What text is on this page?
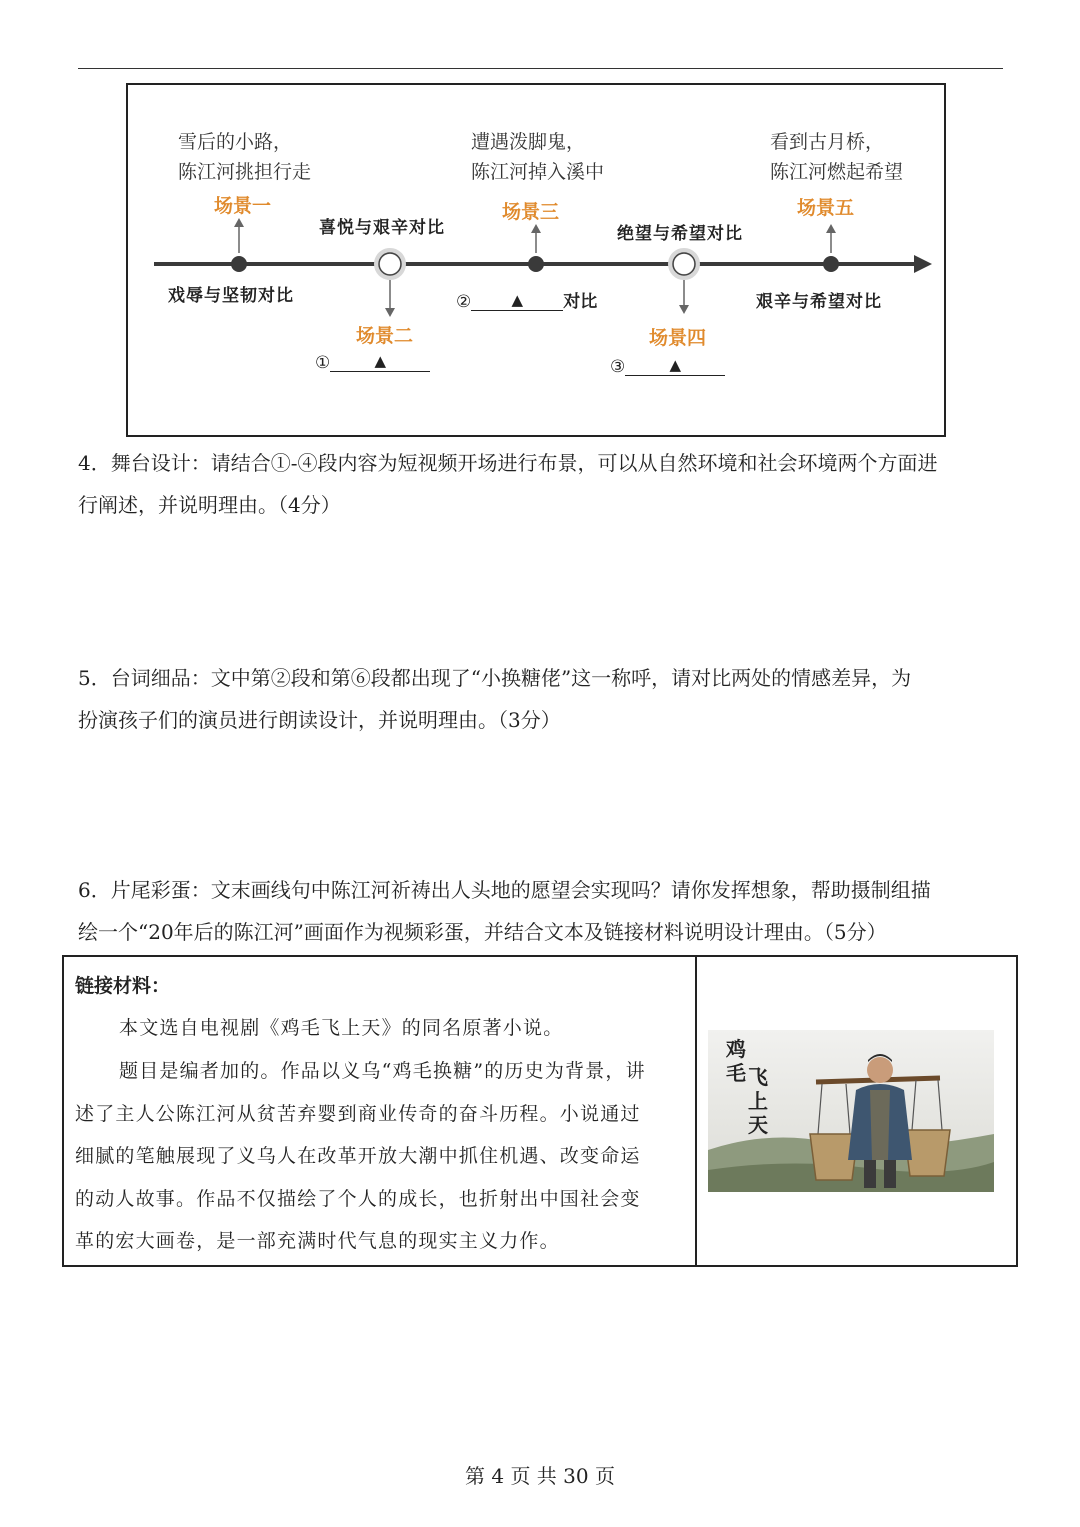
雪后的小路，
陈江河挑担行走
遭遇泼脚鬼，
陈江河掉入溪中
看到古月桥，
陈江河燃起希望
场景一
场景二
场景三
场景四
场景五
戏辱与坚韧对比
喜悦与艰辛对比	绝望与希望对比
艰辛与希望对比
①	▲
②	▲ 对比
③	▲
4．舞台设计：请结合①-④段内容为短视频开场进行布景，可以从自然环境和社会环境两个方面进
行阐述，并说明理由。（4分）
5．台词细品：文中第②段和第⑥段都出现了“小换糖佬”这一称呼，请对比两处的情感差异，为
扮演孩子们的演员进行朗读设计，并说明理由。（3分）
6．片尾彩蛋：文末画线句中陈江河祈祷出人头地的愿望会实现吗？请你发挥想象，帮助摄制组描
绘一个“20年后的陈江河”画面作为视频彩蛋，并结合文本及链接材料说明设计理由。（5分）
链接材料：
本文选自电视剧《鸡毛飞上天》的同名原著小说。
题目是编者加的。作品以义乌“鸡毛换糖”的历史为背景，讲
述了主人公陈江河从贫苦弃婴到商业传奇的奋斗历程。小说通过
细腻的笔触展现了义乌人在改革开放大潮中抓住机遇、改变命运
的动人故事。作品不仅描绘了个人的成长，也折射出中国社会变
革的宏大画卷，是一部充满时代气息的现实主义力作。
鸡毛 飞上天
第 4 页 共 30 页
